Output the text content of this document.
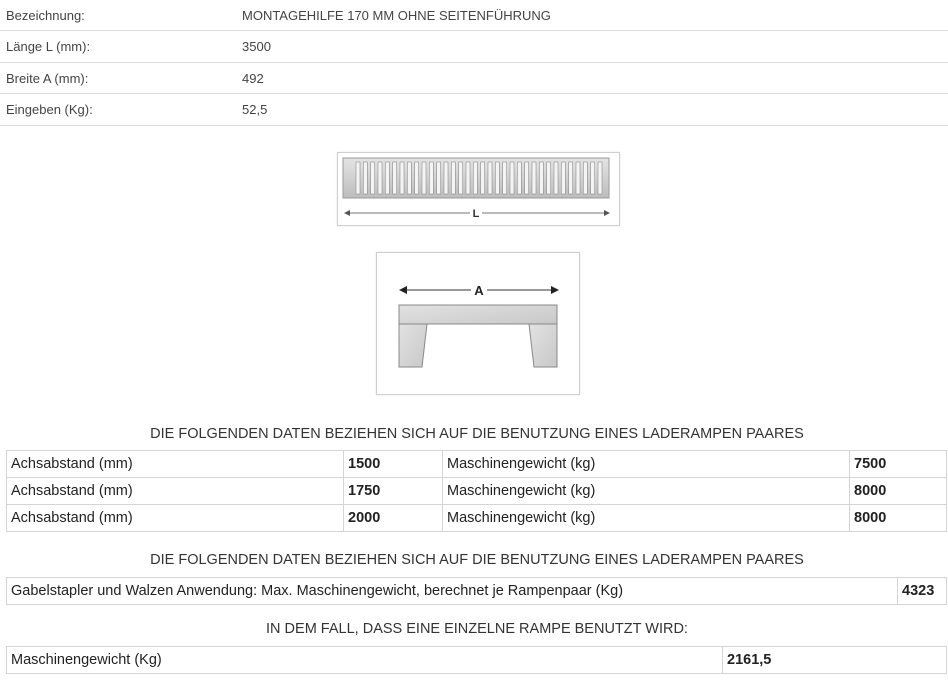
Bezeichnung:	MONTAGEHILFE 170 MM OHNE SEITENFÜHRUNG
Länge L (mm):	3500
Breite A (mm):	492
Eingeben (Kg):	52,5
L
A
DIE FOLGENDEN DATEN BEZIEHEN SICH AUF DIE BENUTZUNG EINES LADERAMPEN PAARES
Achsabstand (mm)	1500	Maschinengewicht (kg)	7500
Achsabstand (mm)	1750	Maschinengewicht (kg)	8000
Achsabstand (mm)	2000	Maschinengewicht (kg)	8000
DIE FOLGENDEN DATEN BEZIEHEN SICH AUF DIE BENUTZUNG EINES LADERAMPEN PAARES
Gabelstapler und Walzen Anwendung: Max. Maschinengewicht, berechnet je Rampenpaar (Kg)	4323
IN DEM FALL, DASS EINE EINZELNE RAMPE BENUTZT WIRD:
Maschinengewicht (Kg)	2161,5
